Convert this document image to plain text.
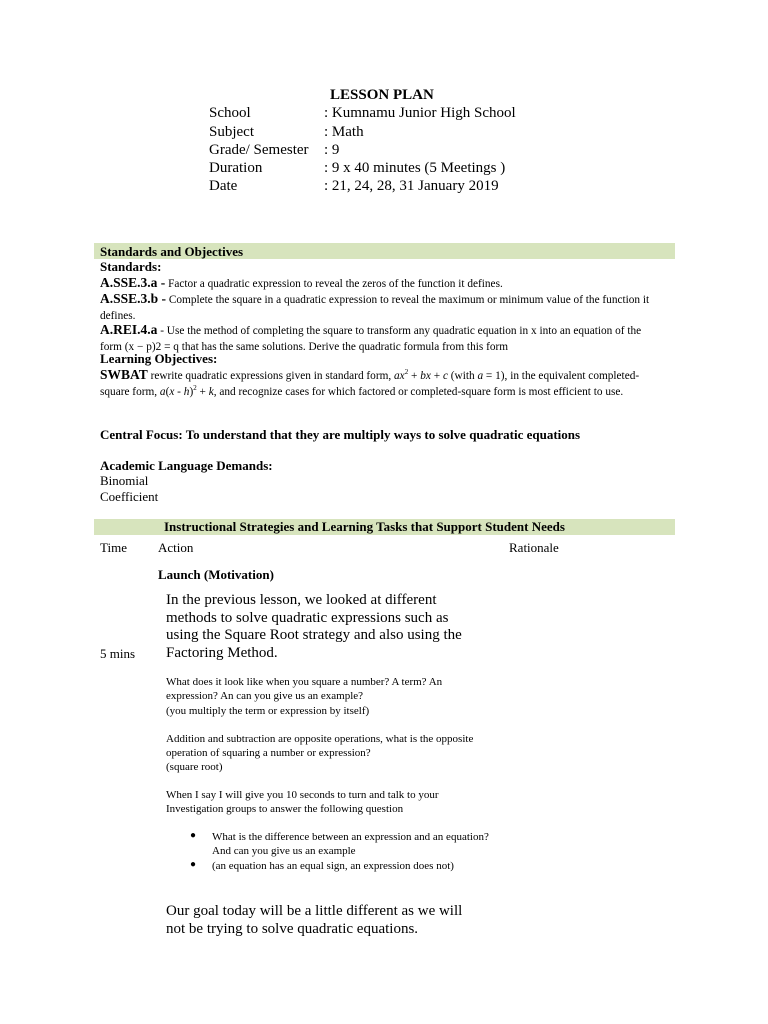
LESSON PLAN
School	: Kumnamu Junior High School
Subject	: Math
Grade/ Semester : 9
Duration	: 9 x 40 minutes (5 Meetings )
Date	: 21, 24, 28, 31 January 2019
Standards and Objectives
Standards:
A.SSE.3.a - Factor a quadratic expression to reveal the zeros of the function it defines.
A.SSE.3.b - Complete the square in a quadratic expression to reveal the maximum or minimum value of the function it defines.
A.REI.4.a - Use the method of completing the square to transform any quadratic equation in x into an equation of the form (x − p)2 = q that has the same solutions. Derive the quadratic formula from this form
Learning Objectives:
SWBAT rewrite quadratic expressions given in standard form, $ax^2$ + bx + c (with a = 1), in the equivalent completed-square form, a(x - h)$^2$ + k, and recognize cases for which factored or completed-square form is most efficient to use.
Central Focus: To understand that they are multiply ways to solve quadratic equations
Academic Language Demands:
Binomial
Coefficient
Instructional Strategies and Learning Tasks that Support Student Needs
Time Action	Rationale
Launch (Motivation)
5 mins
In the previous lesson, we looked at different methods to solve quadratic expressions such as using the Square Root strategy and also using the Factoring Method.
What does it look like when you square a number? A term? An expression? An can you give us an example?
(you multiply the term or expression by itself)
Addition and subtraction are opposite operations, what is the opposite operation of squaring a number or expression?
(square root)
When I say I will give you 10 seconds to turn and talk to your Investigation groups to answer the following question
● What is the difference between an expression and an equation? And can you give us an example
● (an equation has an equal sign, an expression does not)
Our goal today will be a little different as we will not be trying to solve quadratic equations.
